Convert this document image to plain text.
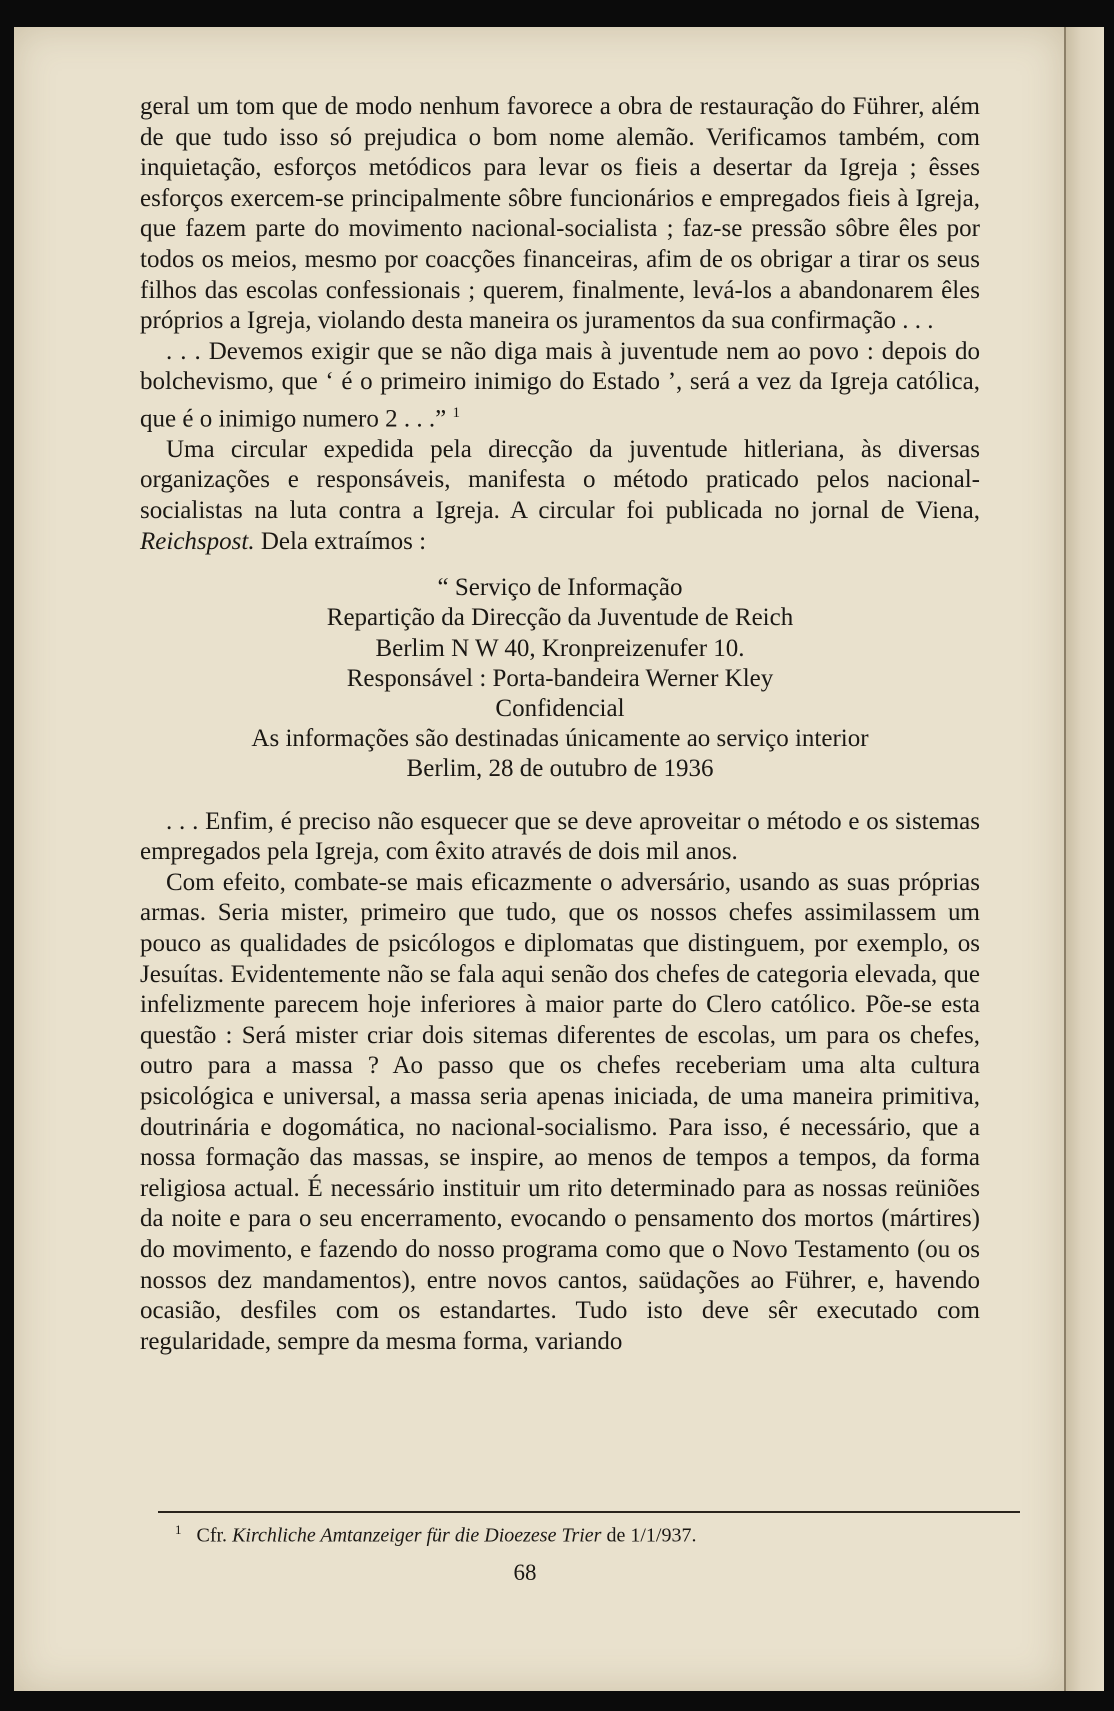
geral um tom que de modo nenhum favorece a obra de restauração do Führer, além de que tudo isso só prejudica o bom nome alemão. Verificamos também, com inquietação, esforços metódicos para levar os fieis a desertar da Igreja ; êsses esforços exercem-se principalmente sôbre funcionários e empregados fieis à Igreja, que fazem parte do movimento nacional-socialista ; faz-se pressão sôbre êles por todos os meios, mesmo por coacções financeiras, afim de os obrigar a tirar os seus filhos das escolas confessionais ; querem, finalmente, levá-los a abandonarem êles próprios a Igreja, violando desta maneira os juramentos da sua confirmação . . .

. . . Devemos exigir que se não diga mais à juventude nem ao povo : depois do bolchevismo, que ‘ é o primeiro inimigo do Estado ’, será a vez da Igreja católica, que é o inimigo numero 2 . . .” $^1$

Uma circular expedida pela direcção da juventude hitleriana, às diversas organizações e responsáveis, manifesta o método praticado pelos nacional-socialistas na luta contra a Igreja. A circular foi publicada no jornal de Viena, Reichspost. Dela extraímos :

“ Serviço de Informação
Repartição da Direcção da Juventude de Reich
Berlim N W 40, Kronpreizenufer 10.
Responsável : Porta-bandeira Werner Kley
Confidencial
As informações são destinadas únicamente ao serviço interior
Berlim, 28 de outubro de 1936

. . . Enfim, é preciso não esquecer que se deve aproveitar o método e os sistemas empregados pela Igreja, com êxito através de dois mil anos.

Com efeito, combate-se mais eficazmente o adversário, usando as suas próprias armas. Seria mister, primeiro que tudo, que os nossos chefes assimilassem um pouco as qualidades de psicólogos e diplomatas que distinguem, por exemplo, os Jesuítas. Evidentemente não se fala aqui senão dos chefes de categoria elevada, que infelizmente parecem hoje inferiores à maior parte do Clero católico. Põe-se esta questão : Será mister criar dois sitemas diferentes de escolas, um para os chefes, outro para a massa ? Ao passo que os chefes receberiam uma alta cultura psicológica e universal, a massa seria apenas iniciada, de uma maneira primitiva, doutrinária e dogomática, no nacional-socialismo. Para isso, é necessário, que a nossa formação das massas, se inspire, ao menos de tempos a tempos, da forma religiosa actual. É necessário instituir um rito determinado para as nossas reüniões da noite e para o seu encerramento, evocando o pensamento dos mortos (mártires) do movimento, e fazendo do nosso programa como que o Novo Testamento (ou os nossos dez mandamentos), entre novos cantos, saüdações ao Führer, e, havendo ocasião, desfiles com os estandartes. Tudo isto deve sêr executado com regularidade, sempre da mesma forma, variando

$^1$ Cfr. Kirchliche Amtanzeiger für die Dioezese Trier de 1/1/937.
68
